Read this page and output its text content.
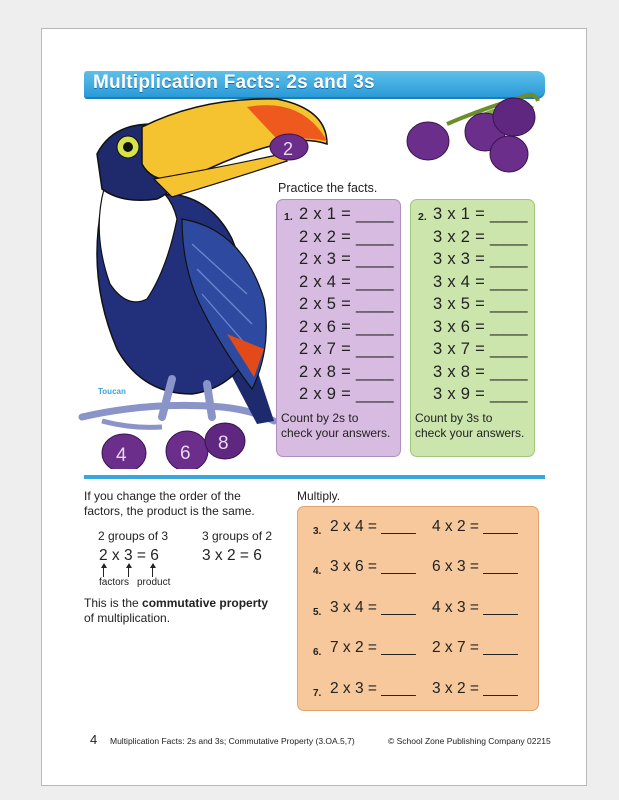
Multiplication Facts: 2s and 3s
2
4	6 8
Toucan
Practice the facts.
1. 2 x 1 = ____
2 x 2 = ____
2 x 3 = ____
2 x 4 = ____
2 x 5 = ____
2 x 6 = ____
2 x 7 = ____
2 x 8 = ____
2 x 9 = ____
Count by 2s to
check your answers.
2. 3 x 1 = ____
3 x 2 = ____
3 x 3 = ____
3 x 4 = ____
3 x 5 = ____
3 x 6 = ____
3 x 7 = ____
3 x 8 = ____
3 x 9 = ____
Count by 3s to
check your answers.
If you change the order of the
factors, the product is the same.
2 groups of 3	3 groups of 2
2 x 3 = 6	3 x 2 = 6
factors product
This is the commutative property
of multiplication.
Multiply.
3. 2 x 4 = ____ 4 x 2 = ____
4. 3 x 6 = ____ 6 x 3 = ____
5. 3 x 4 = ____ 4 x 3 = ____
6. 7 x 2 = ____ 2 x 7 = ____
7. 2 x 3 = ____ 3 x 2 = ____
4 Multiplication Facts: 2s and 3s; Commutative Property (3.OA.5,7)	© School Zone Publishing Company 02215
